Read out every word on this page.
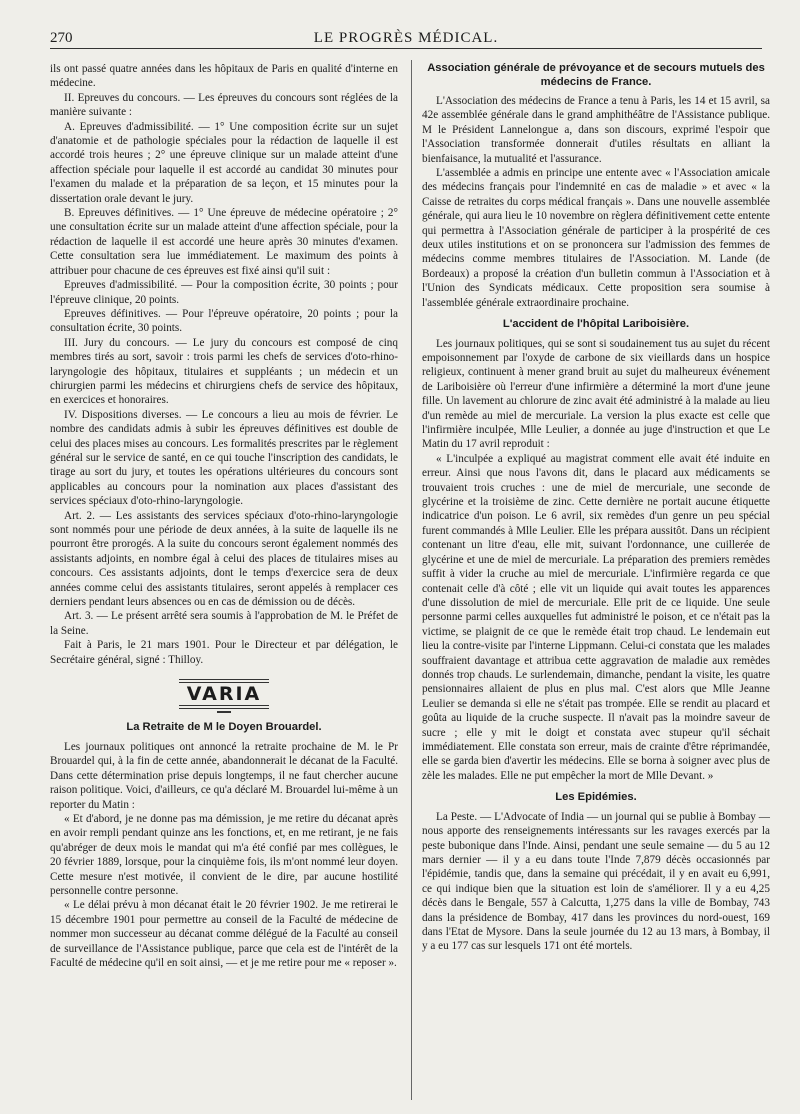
270	LE PROGRÈS MÉDICAL.

ils ont passé quatre années dans les hôpitaux de Paris en qualité d'interne en médecine.

II. Epreuves du concours. — Les épreuves du concours sont réglées de la manière suivante :

A. Epreuves d'admissibilité. — 1° Une composition écrite sur un sujet d'anatomie et de pathologie spéciales pour la rédaction de laquelle il est accordé trois heures ; 2° une épreuve clinique sur un malade atteint d'une affection spéciale pour laquelle il est accordé au candidat 30 minutes pour l'examen du malade et la préparation de sa leçon, et 15 minutes pour la dissertation orale devant le jury.

B. Epreuves définitives. — 1° Une épreuve de médecine opératoire ; 2° une consultation écrite sur un malade atteint d'une affection spéciale, pour la rédaction de laquelle il est accordé une heure après 30 minutes d'examen. Cette consultation sera lue immédiatement. Le maximum des points à attribuer pour chacune de ces épreuves est fixé ainsi qu'il suit :

Epreuves d'admissibilité. — Pour la composition écrite, 30 points ; pour l'épreuve clinique, 20 points.

Epreuves définitives. — Pour l'épreuve opératoire, 20 points ; pour la consultation écrite, 30 points.

III. Jury du concours. — Le jury du concours est composé de cinq membres tirés au sort, savoir : trois parmi les chefs de services d'oto-rhino-laryngologie des hôpitaux, titulaires et suppléants ; un médecin et un chirurgien parmi les médecins et chirurgiens chefs de service des hôpitaux, en exercices et honoraires.

IV. Dispositions diverses. — Le concours a lieu au mois de février. Le nombre des candidats admis à subir les épreuves définitives est double de celui des places mises au concours. Les formalités prescrites par le règlement général sur le service de santé, en ce qui touche l'inscription des candidats, le tirage au sort du jury, et toutes les opérations ultérieures du concours sont applicables au concours pour la nomination aux places d'assistant des services spéciaux d'oto-rhino-laryngologie.

Art. 2. — Les assistants des services spéciaux d'oto-rhino-laryngologie sont nommés pour une période de deux années, à la suite de laquelle ils ne pourront être prorogés. A la suite du concours seront également nommés des assistants adjoints, en nombre égal à celui des places de titulaires mises au concours. Ces assistants adjoints, dont le temps d'exercice sera de deux années comme celui des assistants titulaires, seront appelés à remplacer ces derniers pendant leurs absences ou en cas de démission ou de décès.

Art. 3. — Le présent arrêté sera soumis à l'approbation de M. le Préfet de la Seine.

Fait à Paris, le 21 mars 1901. Pour le Directeur et par délégation, le Secrétaire général, signé : Thilloy.

VARIA
La Retraite de M le Doyen Brouardel.

Les journaux politiques ont annoncé la retraite prochaine de M. le Pr Brouardel qui, à la fin de cette année, abandonnerait le décanat de la Faculté. Dans cette détermination prise depuis longtemps, il ne faut chercher aucune raison politique. Voici, d'ailleurs, ce qu'a déclaré M. Brouardel lui-même à un reporter du Matin :

« Et d'abord, je ne donne pas ma démission, je me retire du décanat après en avoir rempli pendant quinze ans les fonctions, et, en me retirant, je ne fais qu'abréger de deux mois le mandat qui m'a été confié par mes collègues, le 20 février 1889, lorsque, pour la cinquième fois, ils m'ont nommé leur doyen. Cette mesure n'est motivée, il convient de le dire, par aucune hostilité personnelle contre personne.

« Le délai prévu à mon décanat était le 20 février 1902. Je me retirerai le 15 décembre 1901 pour permettre au conseil de la Faculté de médecine de nommer mon successeur au décanat comme délégué de la Faculté au conseil de surveillance de l'Assistance publique, parce que cela est de l'intérêt de la Faculté de médecine qu'il en soit ainsi, — et je me retire pour me « reposer ».

Association générale de prévoyance et de secours mutuels des médecins de France.

L'Association des médecins de France a tenu à Paris, les 14 et 15 avril, sa 42e assemblée générale dans le grand amphithéâtre de l'Assistance publique. M le Président Lannelongue a, dans son discours, exprimé l'espoir que l'Association transformée donnerait d'utiles résultats en alliant la bienfaisance, la mutualité et l'assurance.

L'assemblée a admis en principe une entente avec « l'Association amicale des médecins français pour l'indemnité en cas de maladie » et avec « la Caisse de retraites du corps médical français ». Dans une nouvelle assemblée générale, qui aura lieu le 10 novembre on règlera définitivement cette entente qui permettra à l'Association générale de participer à la prospérité de ces deux utiles institutions et on se prononcera sur l'admission des femmes de médecins comme membres titulaires de l'Association. M. Lande (de Bordeaux) a proposé la création d'un bulletin commun à l'Association et à l'Union des Syndicats médicaux. Cette proposition sera soumise à l'assemblée générale extraordinaire prochaine.

L'accident de l'hôpital Lariboisière.

Les journaux politiques, qui se sont si soudainement tus au sujet du récent empoisonnement par l'oxyde de carbone de six vieillards dans un hospice religieux, continuent à mener grand bruit au sujet du malheureux événement de Lariboisière où l'erreur d'une infirmière a déterminé la mort d'une jeune fille. Un lavement au chlorure de zinc avait été administré à la malade au lieu d'un remède au miel de mercuriale. La version la plus exacte est celle que l'infirmière inculpée, Mlle Leulier, a donnée au juge d'instruction et que Le Matin du 17 avril reproduit :

« L'inculpée a expliqué au magistrat comment elle avait été induite en erreur. Ainsi que nous l'avons dit, dans le placard aux médicaments se trouvaient trois cruches : une de miel de mercuriale, une seconde de glycérine et la troisième de zinc. Cette dernière ne portait aucune étiquette indicatrice d'un poison. Le 6 avril, six remèdes d'un genre un peu spécial furent commandés à Mlle Leulier. Elle les prépara aussitôt. Dans un récipient contenant un litre d'eau, elle mit, suivant l'ordonnance, une cuillerée de glycérine et une de miel de mercuriale. La préparation des premiers remèdes suffit à vider la cruche au miel de mercuriale. L'infirmière regarda ce que contenait celle d'à côté ; elle vit un liquide qui avait toutes les apparences d'une dissolution de miel de mercuriale. Elle prit de ce liquide. Une seule personne parmi celles auxquelles fut administré le poison, et ce n'était pas la victime, se plaignit de ce que le remède était trop chaud. Le lendemain eut lieu la contre-visite par l'interne Lippmann. Celui-ci constata que les malades souffraient davantage et attribua cette aggravation de maladie aux remèdes donnés trop chauds. Le surlendemain, dimanche, pendant la visite, les quatre pensionnaires allaient de plus en plus mal. C'est alors que Mlle Jeanne Leulier se demanda si elle ne s'était pas trompée. Elle se rendit au placard et goûta au liquide de la cruche suspecte. Il n'avait pas la moindre saveur de sucre ; elle y mit le doigt et constata avec stupeur qu'il séchait immédiatement. Elle constata son erreur, mais de crainte d'être réprimandée, elle se garda bien d'avertir les médecins. Elle se borna à soigner avec plus de zèle les malades. Elle ne put empêcher la mort de Mlle Devant. »

Les Epidémies.

La Peste. — L'Advocate of India — un journal qui se publie à Bombay — nous apporte des renseignements intéressants sur les ravages exercés par la peste bubonique dans l'Inde. Ainsi, pendant une seule semaine — du 5 au 12 mars dernier — il y a eu dans toute l'Inde 7,879 décès occasionnés par l'épidémie, tandis que, dans la semaine qui précédait, il y en avait eu 6,991, ce qui indique bien que la situation est loin de s'améliorer. Il y a eu 4,25 décès dans le Bengale, 557 à Calcutta, 1,275 dans la ville de Bombay, 743 dans la présidence de Bombay, 417 dans les provinces du nord-ouest, 169 dans l'Etat de Mysore. Dans la seule journée du 12 au 13 mars, à Bombay, il y a eu 177 cas sur lesquels 171 ont été mortels.
